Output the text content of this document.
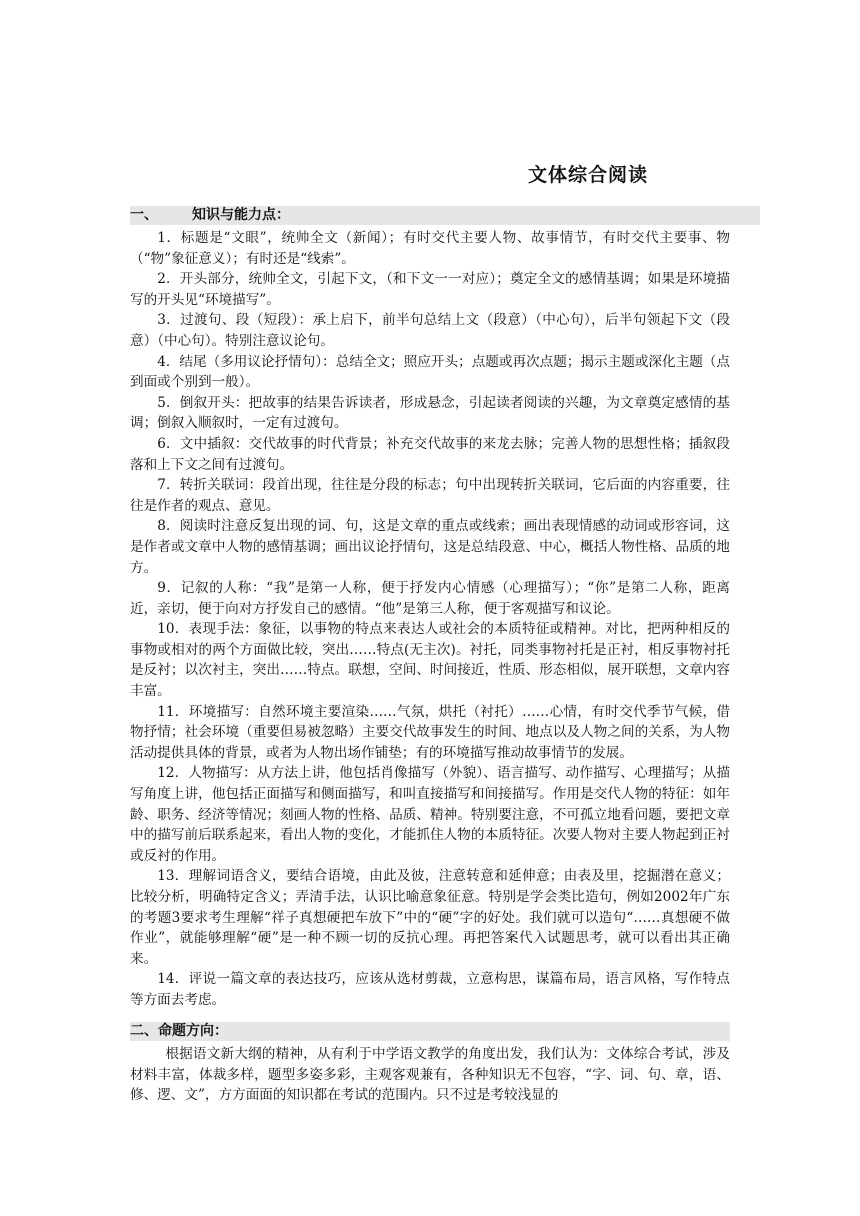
文体综合阅读
一、 知识与能力点：

1．标题是“文眼”，统帅全文（新闻）；有时交代主要人物、故事情节，有时交代主要事、物（“物”象征意义）；有时还是“线索”。

2．开头部分，统帅全文，引起下文，（和下文一一对应）；奠定全文的感情基调；如果是环境描写的开头见“环境描写”。

3．过渡句、段（短段）：承上启下，前半句总结上文（段意）（中心句），后半句领起下文（段意）（中心句）。特别注意议论句。

4．结尾（多用议论抒情句）：总结全文；照应开头；点题或再次点题；揭示主题或深化主题（点到面或个别到一般）。

5．倒叙开头：把故事的结果告诉读者，形成悬念，引起读者阅读的兴趣，为文章奠定感情的基调；倒叙入顺叙时，一定有过渡句。

6．文中插叙：交代故事的时代背景；补充交代故事的来龙去脉；完善人物的思想性格；插叙段落和上下文之间有过渡句。

7．转折关联词：段首出现，往往是分段的标志；句中出现转折关联词，它后面的内容重要，往往是作者的观点、意见。

8．阅读时注意反复出现的词、句，这是文章的重点或线索；画出表现情感的动词或形容词，这是作者或文章中人物的感情基调；画出议论抒情句，这是总结段意、中心，概括人物性格、品质的地方。

9．记叙的人称：“我”是第一人称，便于抒发内心情感（心理描写）；“你”是第二人称，距离近，亲切，便于向对方抒发自己的感情。“他”是第三人称，便于客观描写和议论。

10．表现手法：象征，以事物的特点来表达人或社会的本质特征或精神。对比，把两种相反的事物或相对的两个方面做比较，突出……特点(无主次)。衬托，同类事物衬托是正衬，相反事物衬托是反衬；以次衬主，突出……特点。联想，空间、时间接近，性质、形态相似，展开联想，文章内容丰富。

11．环境描写：自然环境主要渲染……气氛，烘托（衬托）……心情，有时交代季节气候，借物抒情；社会环境（重要但易被忽略）主要交代故事发生的时间、地点以及人物之间的关系，为人物活动提供具体的背景，或者为人物出场作铺垫；有的环境描写推动故事情节的发展。

12．人物描写：从方法上讲，他包括肖像描写（外貌）、语言描写、动作描写、心理描写；从描写角度上讲，他包括正面描写和侧面描写，和叫直接描写和间接描写。作用是交代人物的特征：如年龄、职务、经济等情况；刻画人物的性格、品质、精神。特别要注意，不可孤立地看问题，要把文章中的描写前后联系起来，看出人物的变化，才能抓住人物的本质特征。次要人物对主要人物起到正衬或反衬的作用。

13．理解词语含义，要结合语境，由此及彼，注意转意和延伸意；由表及里，挖掘潜在意义；比较分析，明确特定含义；弄清手法，认识比喻意象征意。特别是学会类比造句，例如2002年广东的考题3要求考生理解“祥子真想硬把车放下”中的“硬”字的好处。我们就可以造句“……真想硬不做作业”，就能够理解“硬”是一种不顾一切的反抗心理。再把答案代入试题思考，就可以看出其正确来。

14．评说一篇文章的表达技巧，应该从选材剪裁，立意构思，谋篇布局，语言风格，写作特点等方面去考虑。

二、命题方向：

根据语文新大纲的精神，从有利于中学语文教学的角度出发，我们认为：文体综合考试，涉及材料丰富，体裁多样，题型多姿多彩，主观客观兼有，各种知识无不包容，“字、词、句、章，语、修、逻、文”，方方面面的知识都在考试的范围内。只不过是考较浅显的
